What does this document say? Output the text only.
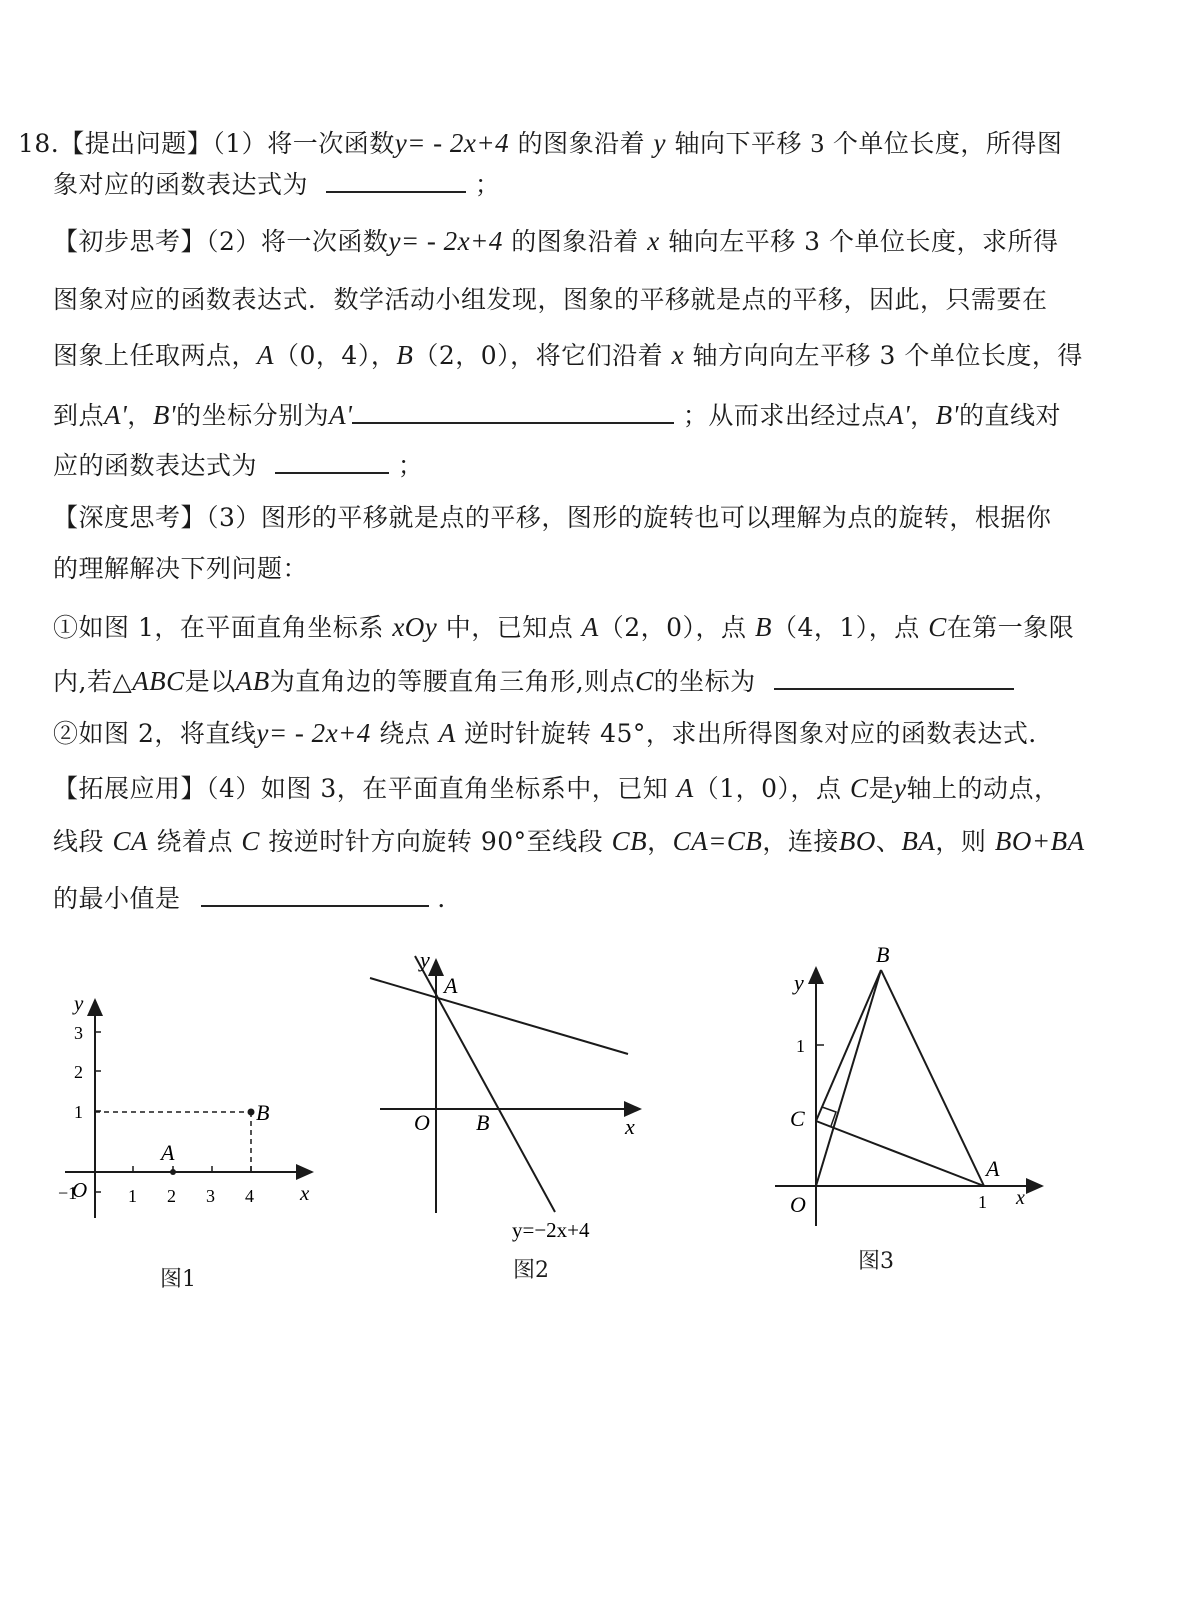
18.【提出问题】（1）将一次函数y= - 2x+4 的图象沿着 y 轴向下平移 3 个单位长度，所得图
象对应的函数表达式为	；
【初步思考】（2）将一次函数y= - 2x+4 的图象沿着 x 轴向左平移 3 个单位长度，求所得
图象对应的函数表达式．数学活动小组发现，图象的平移就是点的平移，因此，只需要在
图象上任取两点，A（0，4），B（2，0），将它们沿着 x 轴方向向左平移 3 个单位长度，得
到点A'，B'的坐标分别为A'	；从而求出经过点A'，B'的直线对
应的函数表达式为	；
【深度思考】（3）图形的平移就是点的平移，图形的旋转也可以理解为点的旋转，根据你
的理解解决下列问题：
①如图 1，在平面直角坐标系 xOy 中，已知点 A（2，0），点 B（4，1），点 C在第一象限
内,若△ABC是以AB为直角边的等腰直角三角形,则点C的坐标为
②如图 2，将直线y= - 2x+4 绕点 A 逆时针旋转 45°，求出所得图象对应的函数表达式．
【拓展应用】（4）如图 3，在平面直角坐标系中，已知 A（1，0），点 C是y轴上的动点，
线段 CA 绕着点 C 按逆时针方向旋转 90°至线段 CB，CA=CB，连接BO、BA，则 BO+BA
的最小值是	．
A
B
O	x
y
1 2 3 4
3
2
1
−1
图1
A
B
O	x
y
y=−2x+4
图2
B
C
A
O	x
y
1
1
图3
